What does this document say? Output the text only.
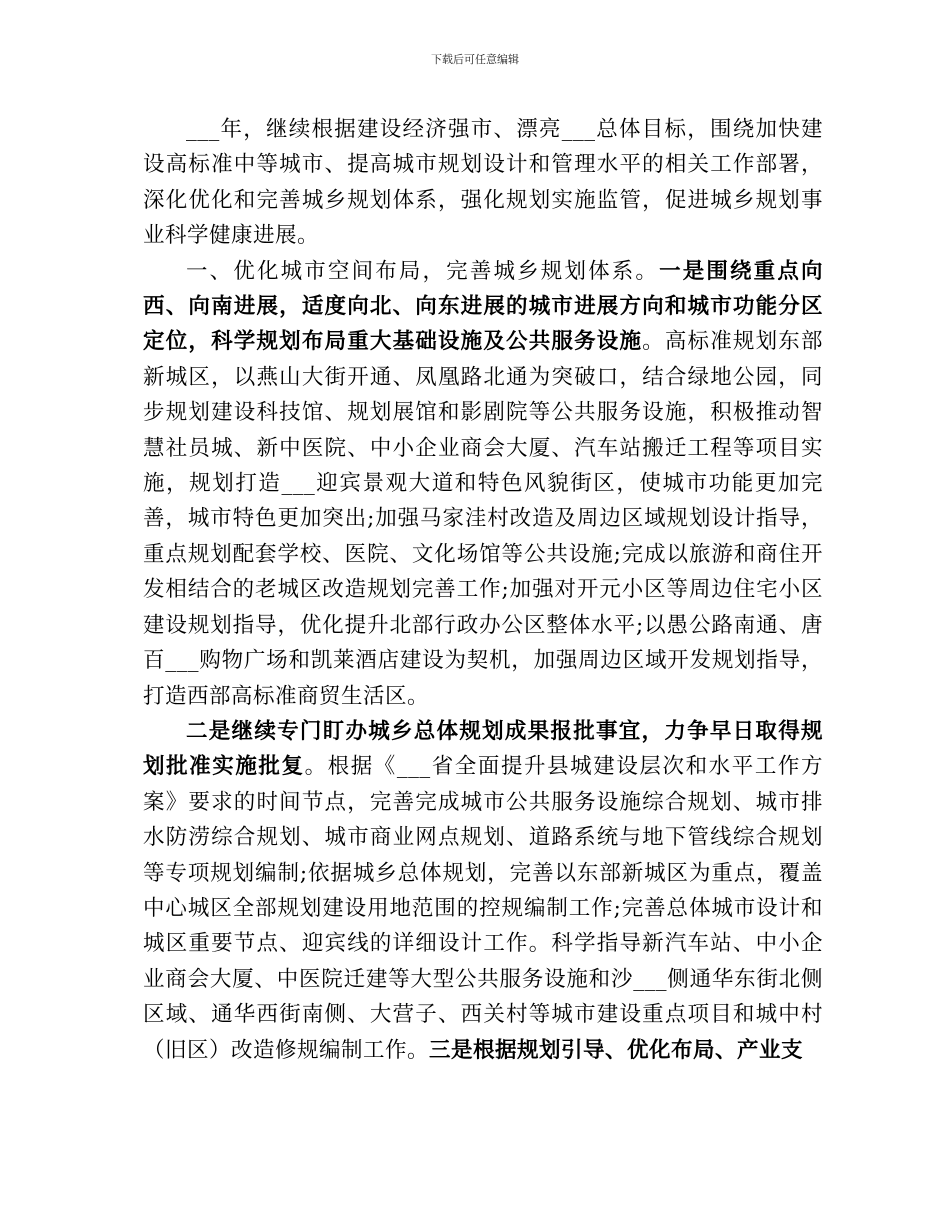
下载后可任意编辑

___年，继续根据建设经济强市、漂亮___总体目标，围绕加快建设高标准中等城市、提高城市规划设计和管理水平的相关工作部署，深化优化和完善城乡规划体系，强化规划实施监管，促进城乡规划事业科学健康进展。

一、优化城市空间布局，完善城乡规划体系。一是围绕重点向西、向南进展，适度向北、向东进展的城市进展方向和城市功能分区定位，科学规划布局重大基础设施及公共服务设施。高标准规划东部新城区，以燕山大街开通、凤凰路北通为突破口，结合绿地公园，同步规划建设科技馆、规划展馆和影剧院等公共服务设施，积极推动智慧社员城、新中医院、中小企业商会大厦、汽车站搬迁工程等项目实施，规划打造___迎宾景观大道和特色风貌街区，使城市功能更加完善，城市特色更加突出;加强马家洼村改造及周边区域规划设计指导，重点规划配套学校、医院、文化场馆等公共设施;完成以旅游和商住开发相结合的老城区改造规划完善工作;加强对开元小区等周边住宅小区建设规划指导，优化提升北部行政办公区整体水平;以愚公路南通、唐百___购物广场和凯莱酒店建设为契机，加强周边区域开发规划指导，打造西部高标准商贸生活区。

二是继续专门盯办城乡总体规划成果报批事宜，力争早日取得规划批准实施批复。根据《___省全面提升县城建设层次和水平工作方案》要求的时间节点，完善完成城市公共服务设施综合规划、城市排水防涝综合规划、城市商业网点规划、道路系统与地下管线综合规划等专项规划编制;依据城乡总体规划，完善以东部新城区为重点，覆盖中心城区全部规划建设用地范围的控规编制工作;完善总体城市设计和城区重要节点、迎宾线的详细设计工作。科学指导新汽车站、中小企业商会大厦、中医院迁建等大型公共服务设施和沙___侧通华东街北侧区域、通华西街南侧、大营子、西关村等城市建设重点项目和城中村（旧区）改造修规编制工作。三是根据规划引导、优化布局、产业支
